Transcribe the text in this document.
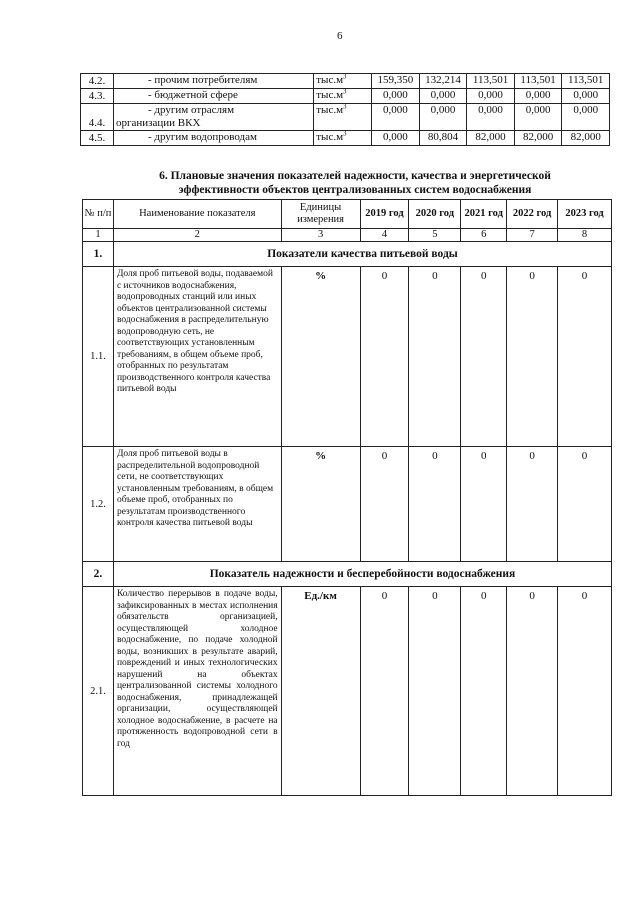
6
4.2.	- прочим потребителям	$тыс.м^3$	159,350	132,214	113,501	113,501	113,501
4.3.	- бюджетной сфере	$тыс.м^3$	0,000	0,000	0,000	0,000	0,000
4.4.	- другим отраслям
организации ВКХ	$тыс.м^3$	0,000	0,000	0,000	0,000	0,000
4.5.	- другим водопроводам	$тыс.м^3$	0,000	80,804	82,000	82,000	82,000
6. Плановые значения показателей надежности, качества и энергетической
эффективности объектов централизованных систем водоснабжения
№ п/п	Наименование показателя	Единицы измерения	2019 год	2020 год	2021 год	2022 год	2023 год
1	2	3	4	5	6	7	8
1.	Показатели качества питьевой воды						
1.1.	Доля проб питьевой воды, подаваемой с источников водоснабжения, водопроводных станций или иных объектов централизованной системы водоснабжения в распределительную водопроводную сеть, не соответствующих установленным требованиям, в общем объеме проб, отобранных по результатам производственного контроля качества питьевой воды	%	0	0	0	0	0
1.2.	Доля проб питьевой воды в распределительной водопроводной сети, не соответствующих установленным требованиям, в общем объеме проб, отобранных по результатам производственного контроля качества питьевой воды	%	0	0	0	0	0
2.	Показатель надежности и бесперебойности водоснабжения						
2.1.	Количество перерывов в подаче воды, зафиксированных в местах исполнения обязательств организацией, осуществляющей холодное водоснабжение, по подаче холодной воды, возникших в результате аварий, повреждений и иных технологических нарушений на объектах централизованной системы холодного водоснабжения, принадлежащей организации, осуществляющей холодное водоснабжение, в расчете на протяженность водопроводной сети в год	Ед./км	0	0	0	0	0
